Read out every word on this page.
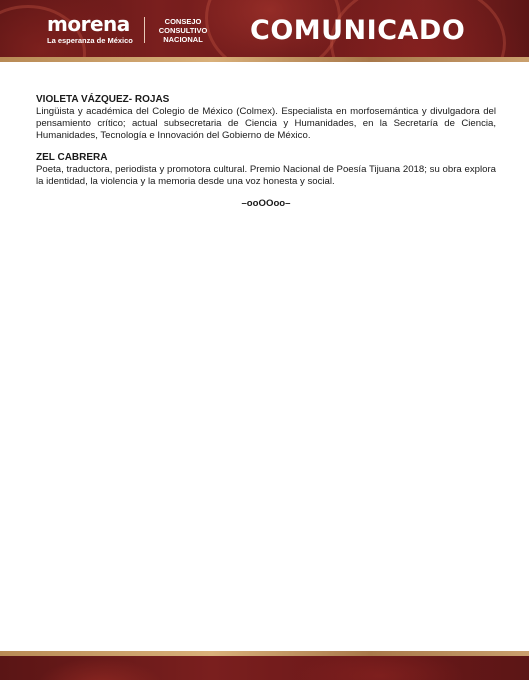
morena
La esperanza de México
CONSEJO
CONSULTIVO
NACIONAL	COMUNICADO

VIOLETA VÁZQUEZ- ROJAS

Lingüista y académica del Colegio de México (Colmex). Especialista en morfosemántica y divulgadora del pensamiento crítico; actual subsecretaria de Ciencia y Humanidades, en la Secretaría de Ciencia, Humanidades, Tecnología e Innovación del Gobierno de México.

ZEL CABRERA

Poeta, traductora, periodista y promotora cultural. Premio Nacional de Poesía Tijuana 2018; su obra explora la identidad, la violencia y la memoria desde una voz honesta y social.

–ooOOoo–
